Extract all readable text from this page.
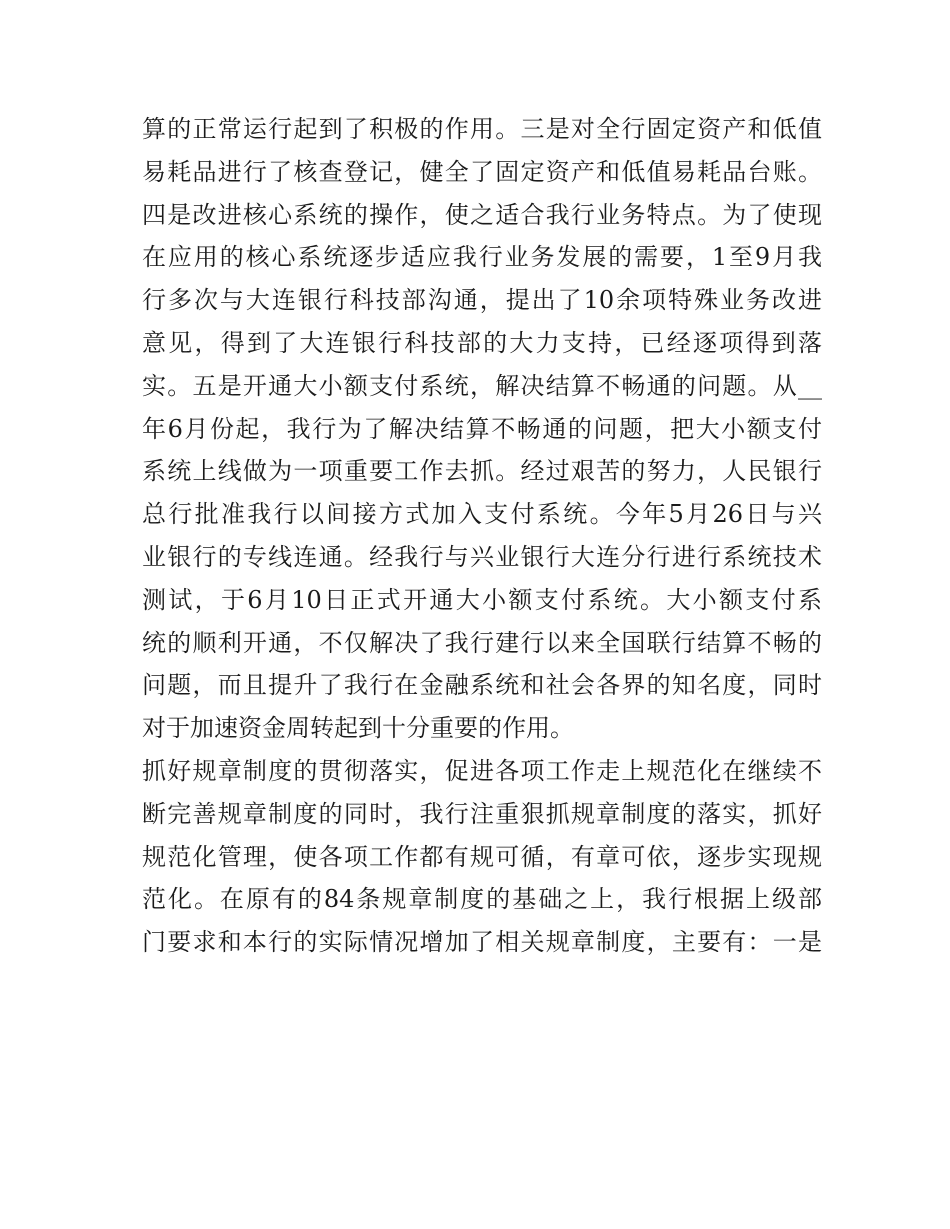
算的正常运行起到了积极的作用。三是对全行固定资产和低值
易耗品进行了核查登记，健全了固定资产和低值易耗品台账。
四是改进核心系统的操作，使之适合我行业务特点。为了使现
在应用的核心系统逐步适应我行业务发展的需要，1至9月我
行多次与大连银行科技部沟通，提出了10余项特殊业务改进
意见，得到了大连银行科技部的大力支持，已经逐项得到落
实。五是开通大小额支付系统，解决结算不畅通的问题。从__
年6月份起，我行为了解决结算不畅通的问题，把大小额支付
系统上线做为一项重要工作去抓。经过艰苦的努力，人民银行
总行批准我行以间接方式加入支付系统。今年5月26日与兴
业银行的专线连通。经我行与兴业银行大连分行进行系统技术
测试，于6月10日正式开通大小额支付系统。大小额支付系
统的顺利开通，不仅解决了我行建行以来全国联行结算不畅的
问题，而且提升了我行在金融系统和社会各界的知名度，同时
对于加速资金周转起到十分重要的作用。
抓好规章制度的贯彻落实，促进各项工作走上规范化在继续不
断完善规章制度的同时，我行注重狠抓规章制度的落实，抓好
规范化管理，使各项工作都有规可循，有章可依，逐步实现规
范化。在原有的84条规章制度的基础之上，我行根据上级部
门要求和本行的实际情况增加了相关规章制度，主要有：一是
